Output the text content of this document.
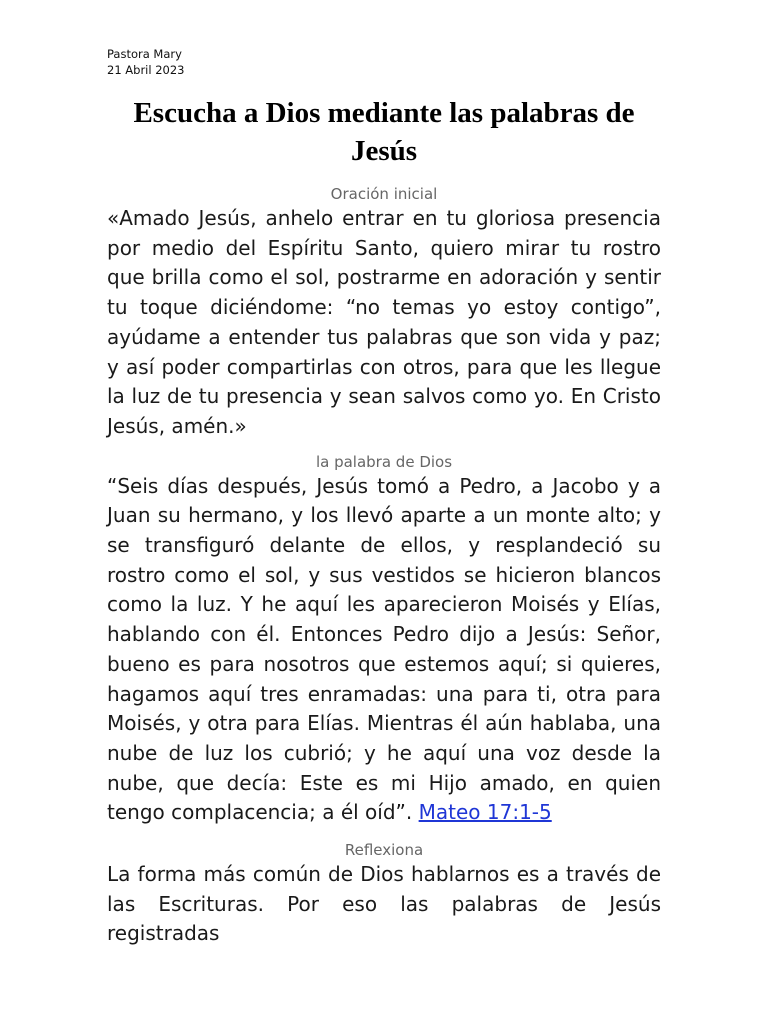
Pastora Mary
21 Abril 2023
Escucha a Dios mediante las palabras de Jesús
Oración inicial

«Amado Jesús, anhelo entrar en tu gloriosa presencia por medio del Espíritu Santo, quiero mirar tu rostro que brilla como el sol, postrarme en adoración y sentir tu toque diciéndome: “no temas yo estoy contigo”, ayúdame a entender tus palabras que son vida y paz; y así poder compartirlas con otros, para que les llegue la luz de tu presencia y sean salvos como yo. En Cristo Jesús, amén.»

la palabra de Dios

“Seis días después, Jesús tomó a Pedro, a Jacobo y a Juan su hermano, y los llevó aparte a un monte alto; y se transfiguró delante de ellos, y resplandeció su rostro como el sol, y sus vestidos se hicieron blancos como la luz. Y he aquí les aparecieron Moisés y Elías, hablando con él. Entonces Pedro dijo a Jesús: Señor, bueno es para nosotros que estemos aquí; si quieres, hagamos aquí tres enramadas: una para ti, otra para Moisés, y otra para Elías. Mientras él aún hablaba, una nube de luz los cubrió; y he aquí una voz desde la nube, que decía: Este es mi Hijo amado, en quien tengo complacencia; a él oíd”. Mateo 17:1-5

Reflexiona

La forma más común de Dios hablarnos es a través de las Escrituras. Por eso las palabras de Jesús registradas
